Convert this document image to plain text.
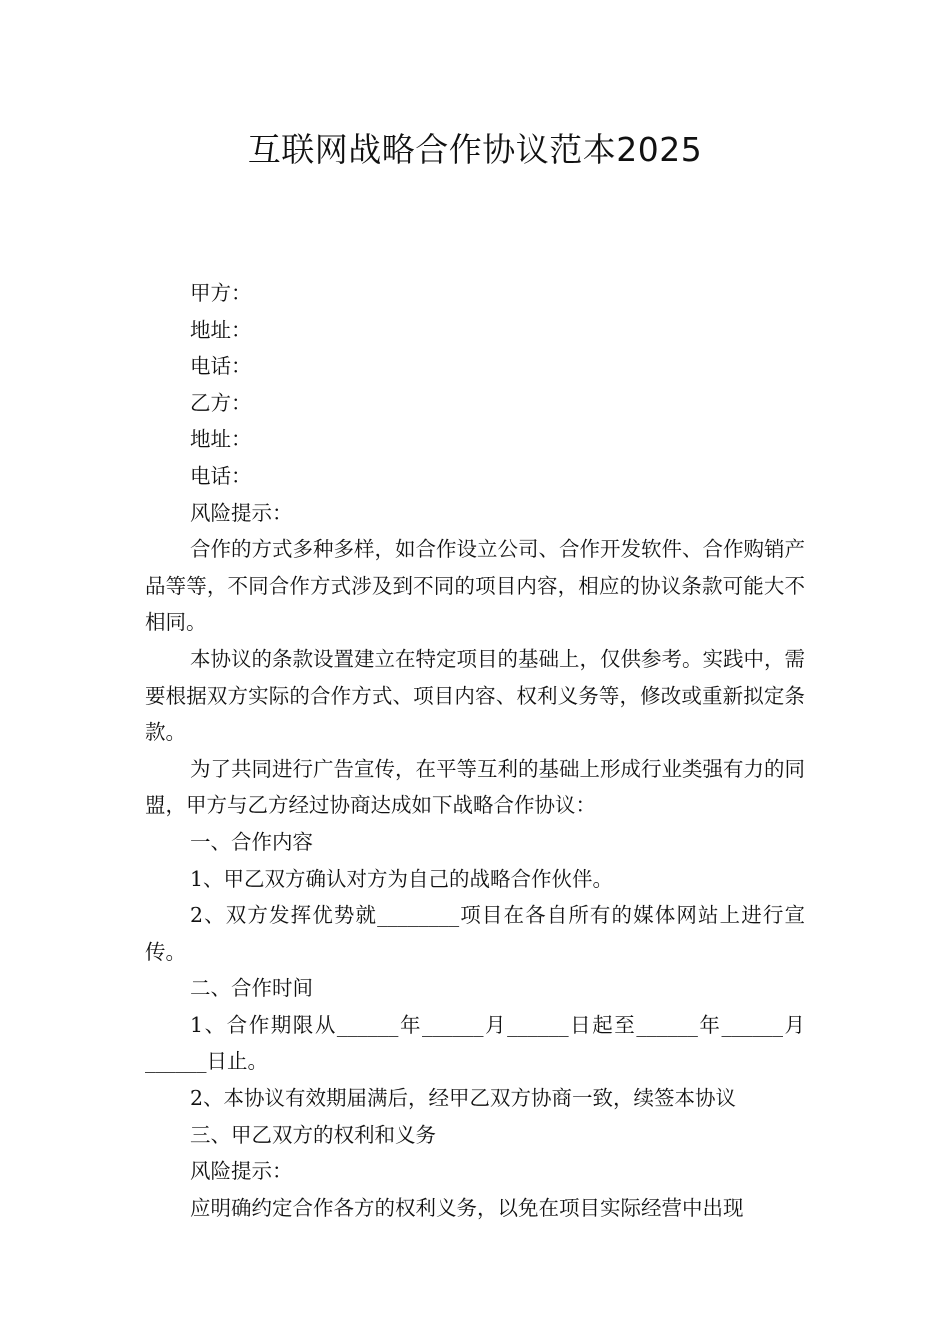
互联网战略合作协议范本2025

甲方：

地址：

电话：

乙方：

地址：

电话：

风险提示：

合作的方式多种多样，如合作设立公司、合作开发软件、合作购销产品等等，不同合作方式涉及到不同的项目内容，相应的协议条款可能大不相同。

本协议的条款设置建立在特定项目的基础上，仅供参考。实践中，需要根据双方实际的合作方式、项目内容、权利义务等，修改或重新拟定条款。

为了共同进行广告宣传，在平等互利的基础上形成行业类强有力的同盟，甲方与乙方经过协商达成如下战略合作协议：

一、合作内容

1、甲乙双方确认对方为自己的战略合作伙伴。

2、双方发挥优势就________项目在各自所有的媒体网站上进行宣传。

二、合作时间

1、合作期限从______年______月______日起至______年______月______日止。

2、本协议有效期届满后，经甲乙双方协商一致，续签本协议

三、甲乙双方的权利和义务

风险提示：

应明确约定合作各方的权利义务，以免在项目实际经营中出现
